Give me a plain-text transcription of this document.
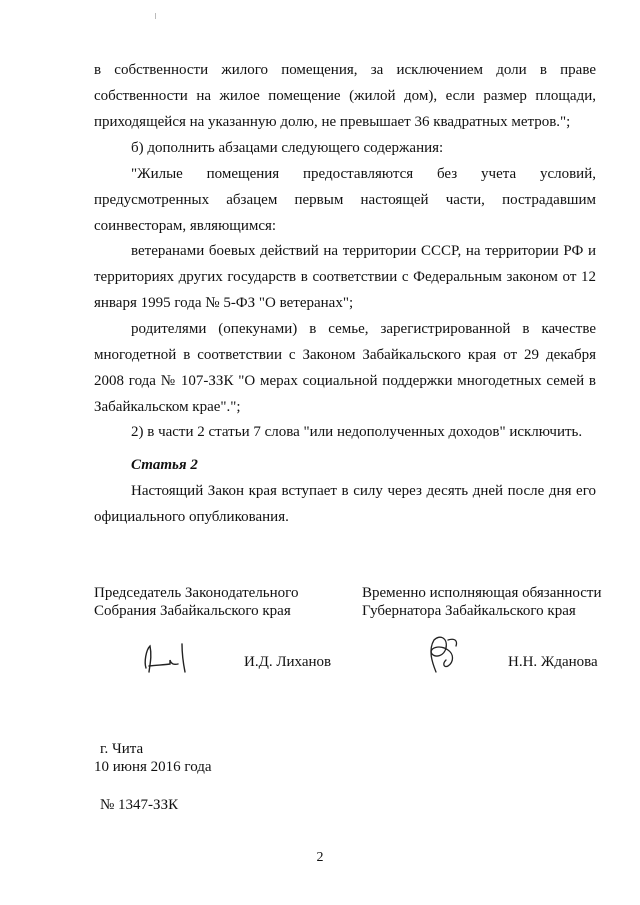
в собственности жилого помещения, за исключением доли в праве собственности на жилое помещение (жилой дом), если размер площади, приходящейся на указанную долю, не превышает 36 квадратных метров.";

б) дополнить абзацами следующего содержания:

"Жилые помещения предоставляются без учета условий, предусмотренных абзацем первым настоящей части, пострадавшим соинвесторам, являющимся:

ветеранами боевых действий на территории СССР, на территории РФ и территориях других государств в соответствии с Федеральным законом от 12 января 1995 года № 5-ФЗ "О ветеранах";

родителями (опекунами) в семье, зарегистрированной в качестве многодетной в соответствии с Законом Забайкальского края от 29 декабря 2008 года № 107-ЗЗК "О мерах социальной поддержки многодетных семей в Забайкальском крае".";

2) в части 2 статьи 7 слова "или недополученных доходов" исключить.

Статья 2

Настоящий Закон края вступает в силу через десять дней после дня его официального опубликования.

Председатель Законодательного
Собрания Забайкальского края
Временно исполняющая обязанности
Губернатора Забайкальского края
И.Д. Лиханов	Н.Н. Жданова
г. Чита
10 июня 2016 года
№ 1347-ЗЗК
2
